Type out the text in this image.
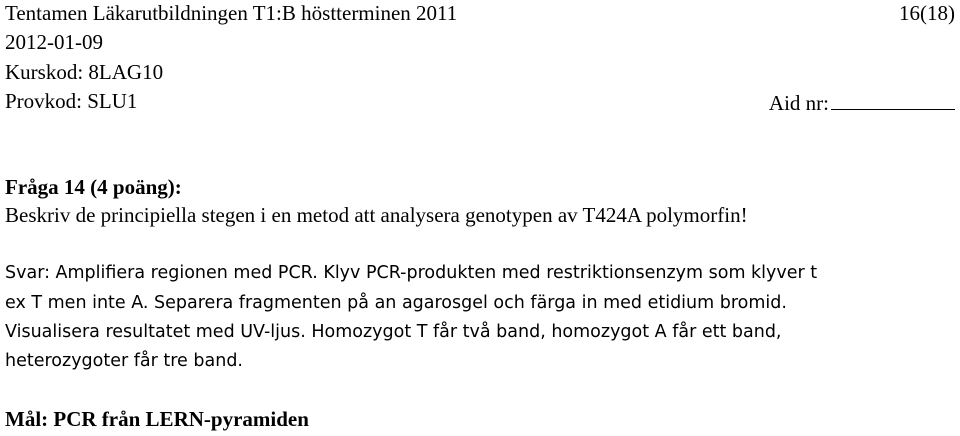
Tentamen Läkarutbildningen T1:B höstterminen 2011	16(18)
2012-01-09
Kurskod: 8LAG10
Provkod: SLU1	Aid nr:
Fråga 14 (4 poäng):
Beskriv de principiella stegen i en metod att analysera genotypen av T424A polymorfin!
Svar: Amplifiera regionen med PCR. Klyv PCR-produkten med restriktionsenzym som klyver t
ex T men inte A. Separera fragmenten på an agarosgel och färga in med etidium bromid.
Visualisera resultatet med UV-ljus. Homozygot T får två band, homozygot A får ett band,
heterozygoter får tre band.
Mål: PCR från LERN-pyramiden
